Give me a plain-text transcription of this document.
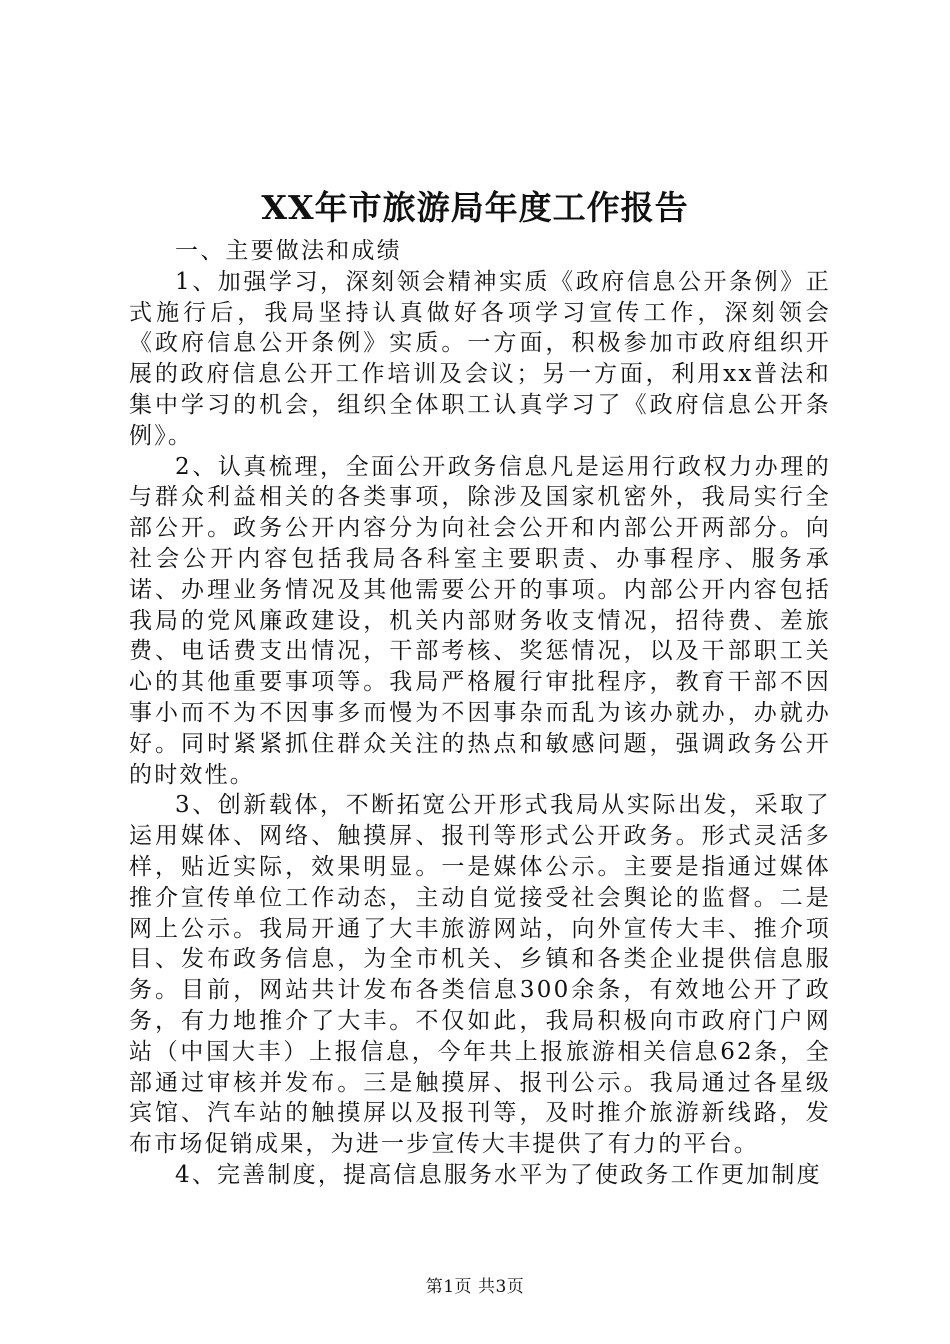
XX年市旅游局年度工作报告

一、主要做法和成绩

1、加强学习，深刻领会精神实质《政府信息公开条例》正式施行后，我局坚持认真做好各项学习宣传工作，深刻领会《政府信息公开条例》实质。一方面，积极参加市政府组织开展的政府信息公开工作培训及会议；另一方面，利用xx普法和集中学习的机会，组织全体职工认真学习了《政府信息公开条例》。

2、认真梳理，全面公开政务信息凡是运用行政权力办理的与群众利益相关的各类事项，除涉及国家机密外，我局实行全部公开。政务公开内容分为向社会公开和内部公开两部分。向社会公开内容包括我局各科室主要职责、办事程序、服务承诺、办理业务情况及其他需要公开的事项。内部公开内容包括我局的党风廉政建设，机关内部财务收支情况，招待费、差旅费、电话费支出情况，干部考核、奖惩情况，以及干部职工关心的其他重要事项等。我局严格履行审批程序，教育干部不因事小而不为不因事多而慢为不因事杂而乱为该办就办，办就办好。同时紧紧抓住群众关注的热点和敏感问题，强调政务公开的时效性。

3、创新载体，不断拓宽公开形式我局从实际出发，采取了运用媒体、网络、触摸屏、报刊等形式公开政务。形式灵活多样，贴近实际，效果明显。一是媒体公示。主要是指通过媒体推介宣传单位工作动态，主动自觉接受社会舆论的监督。二是网上公示。我局开通了大丰旅游网站，向外宣传大丰、推介项目、发布政务信息，为全市机关、乡镇和各类企业提供信息服务。目前，网站共计发布各类信息300余条，有效地公开了政务，有力地推介了大丰。不仅如此，我局积极向市政府门户网站（中国大丰）上报信息，今年共上报旅游相关信息62条，全部通过审核并发布。三是触摸屏、报刊公示。我局通过各星级宾馆、汽车站的触摸屏以及报刊等，及时推介旅游新线路，发布市场促销成果，为进一步宣传大丰提供了有力的平台。

4、完善制度，提高信息服务水平为了使政务工作更加制度

第1页 共3页
